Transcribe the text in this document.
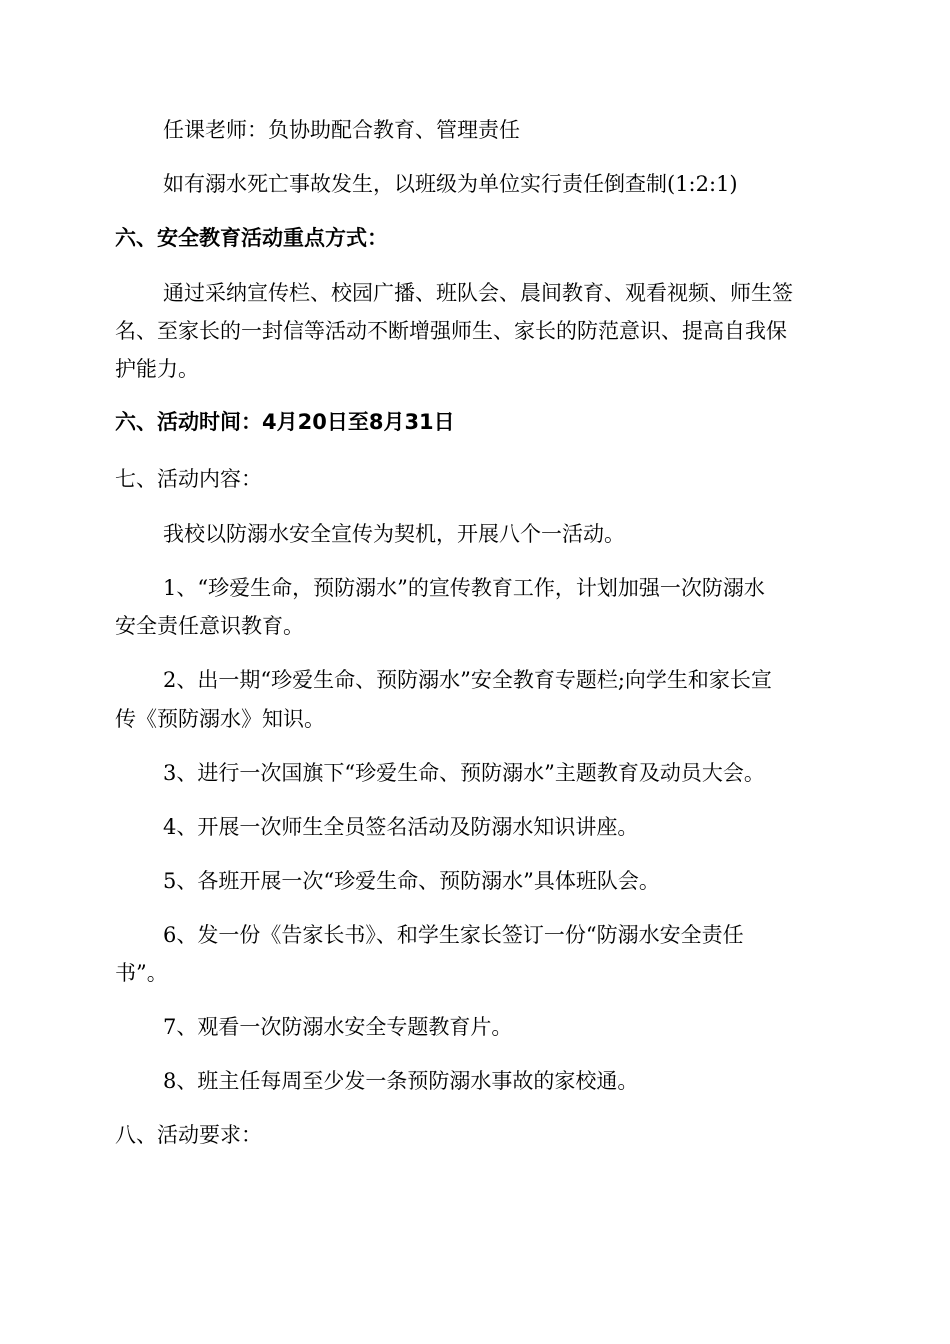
任课老师：负协助配合教育、管理责任

如有溺水死亡事故发生，以班级为单位实行责任倒查制(1:2:1)

六、安全教育活动重点方式：

通过采纳宣传栏、校园广播、班队会、晨间教育、观看视频、师生签

名、至家长的一封信等活动不断增强师生、家长的防范意识、提高自我保

护能力。

六、活动时间：4月20日至8月31日

七、活动内容：

我校以防溺水安全宣传为契机，开展八个一活动。

1、“珍爱生命，预防溺水”的宣传教育工作，计划加强一次防溺水

安全责任意识教育。

2、出一期“珍爱生命、预防溺水”安全教育专题栏;向学生和家长宣

传《预防溺水》知识。

3、进行一次国旗下“珍爱生命、预防溺水”主题教育及动员大会。

4、开展一次师生全员签名活动及防溺水知识讲座。

5、各班开展一次“珍爱生命、预防溺水”具体班队会。

6、发一份《告家长书》、和学生家长签订一份“防溺水安全责任

书”。

7、观看一次防溺水安全专题教育片。

8、班主任每周至少发一条预防溺水事故的家校通。

八、活动要求：
